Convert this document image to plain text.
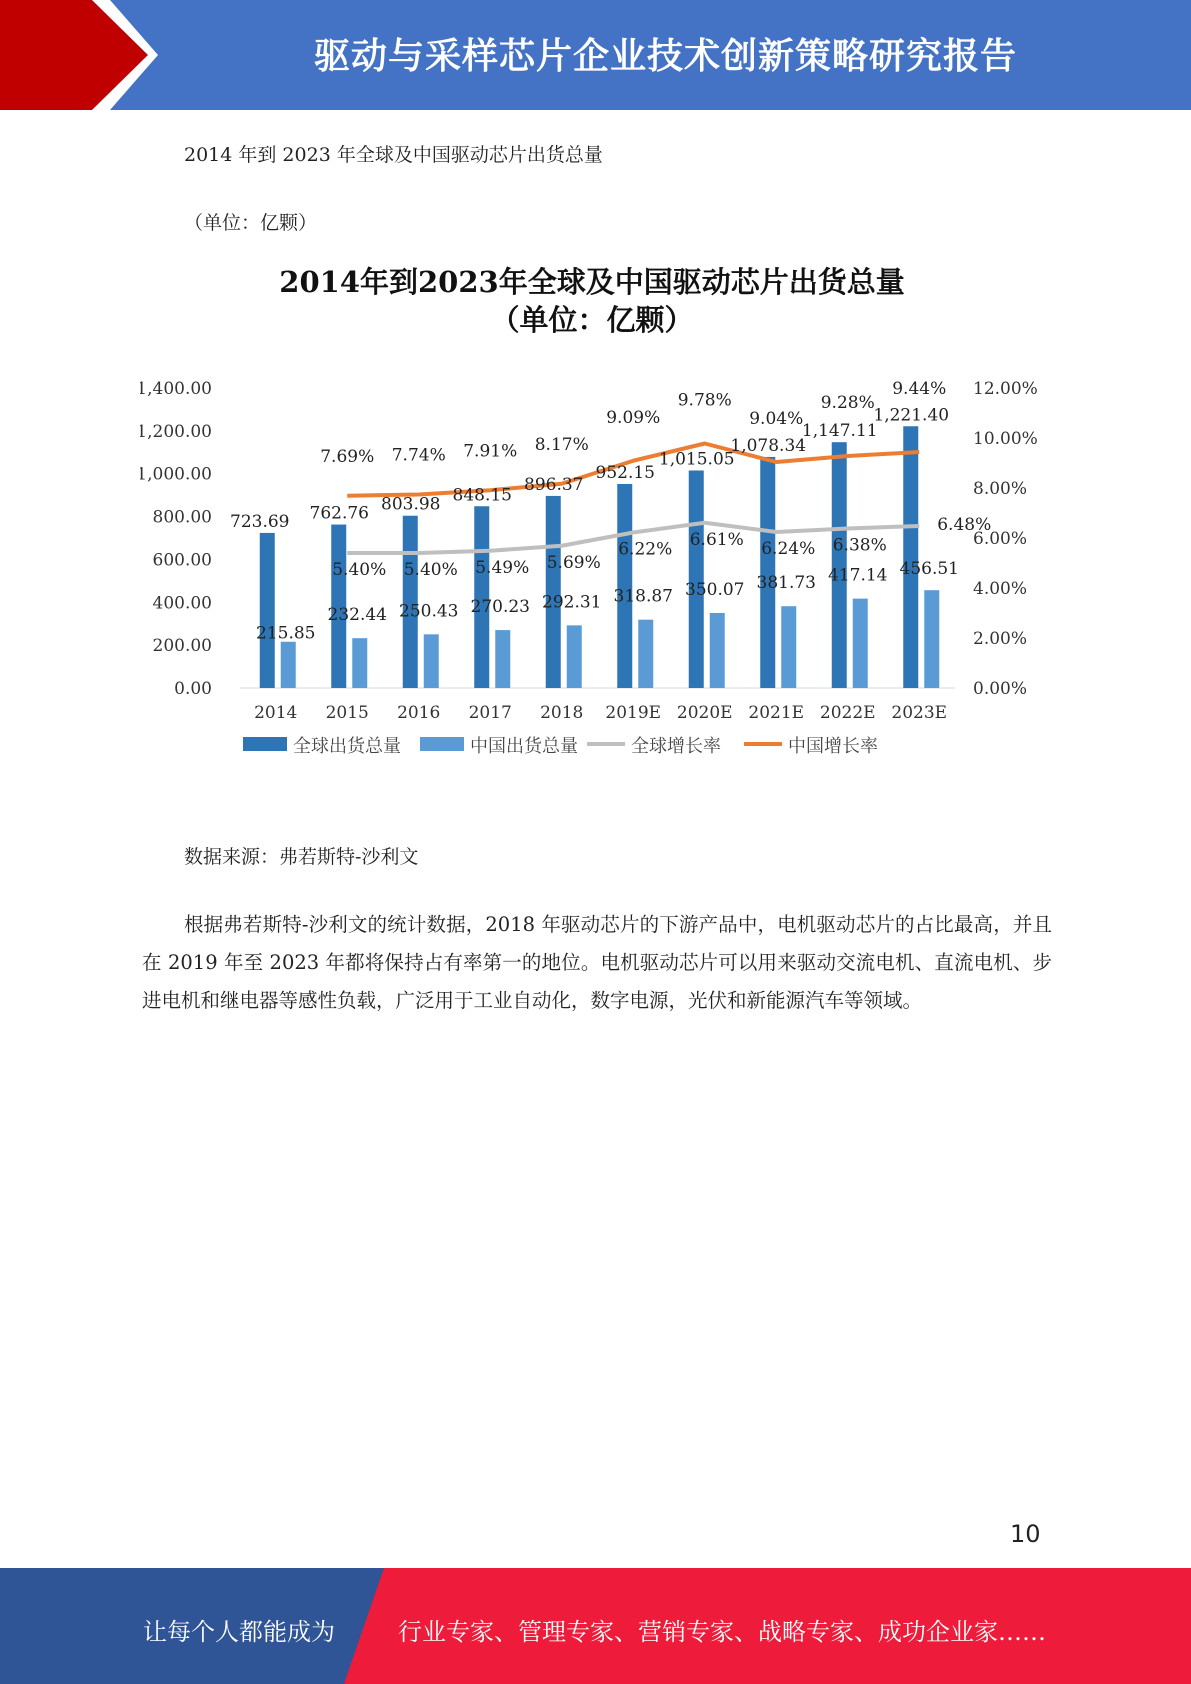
驱动与采样芯片企业技术创新策略研究报告
2014 年到 2023 年全球及中国驱动芯片出货总量
（单位：亿颗）
2014年到2023年全球及中国驱动芯片出货总量
（单位：亿颗）
0.00
200.00
400.00
600.00
800.00
1,000.00
1,200.00
1,400.00
0.00%
2.00%
4.00%
6.00%
8.00%
10.00%
12.00%
2014 2015 2016 2017 2018 2019E 2020E 2021E 2022E 2023E
723.69 762.76 803.98 848.15
896.37
952.15
1,015.05
1,078.34
1,147.11
1,221.40
215.85
232.44 250.43 270.23 292.31 318.87 350.07 381.73 417.14 456.51
5.40% 5.40% 5.49% 5.69%
6.22% 6.61% 6.24% 6.38%
6.48%
7.69% 7.74% 7.91% 8.17%
9.09%
9.78%
9.04%
9.28%
9.44%
全球出货总量	中国出货总量	全球增长率	中国增长率
数据来源：弗若斯特-沙利文
根据弗若斯特-沙利文的统计数据，2018 年驱动芯片的下游产品中，电机驱动芯片的占比最高，并且在 2019 年至 2023 年都将保持占有率第一的地位。电机驱动芯片可以用来驱动交流电机、直流电机、步进电机和继电器等感性负载，广泛用于工业自动化，数字电源，光伏和新能源汽车等领域。
10
让每个人都能成为	行业专家、管理专家、营销专家、战略专家、成功企业家……
